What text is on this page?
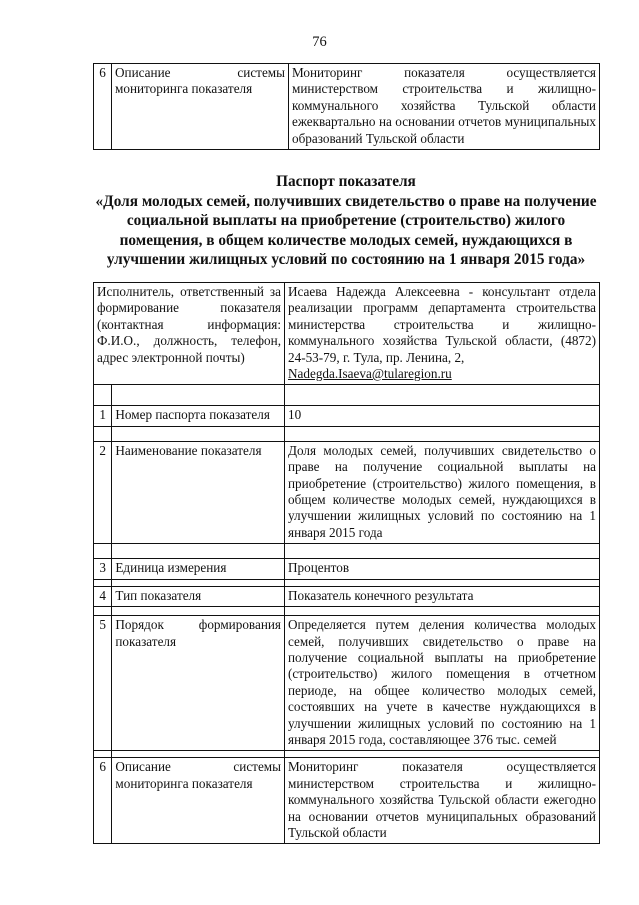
76
6	Описание системы мониторинга показателя	Мониторинг показателя осуществляется министерством строительства и жилищно-коммунального хозяйства Тульской области ежеквартально на основании отчетов муниципальных образований Тульской области
Паспорт показателя
«Доля молодых семей, получивших свидетельство о праве на получение
социальной выплаты на приобретение (строительство) жилого
помещения, в общем количестве молодых семей, нуждающихся в
улучшении жилищных условий по состоянию на 1 января 2015 года»
Исполнитель, ответственный за формирование показателя (контактная информация: Ф.И.О., должность, телефон, адрес электронной почты)		Исаева Надежда Алексеевна - консультант отдела реализации программ департамента строительства министерства строительства и жилищно-коммунального хозяйства Тульской области, (4872) 24-53-79, г. Тула, пр. Ленина, 2,
Nadegda.Isaeva@tularegion.ru

1	Номер паспорта показателя	10

2	Наименование показателя	Доля молодых семей, получивших свидетельство о праве на получение социальной выплаты на приобретение (строительство) жилого помещения, в общем количестве молодых семей, нуждающихся в улучшении жилищных условий по состоянию на 1 января 2015 года

3	Единица измерения	Процентов

4	Тип показателя	Показатель конечного результата

5	Порядок формирования показателя	Определяется путем деления количества молодых семей, получивших свидетельство о праве на получение социальной выплаты на приобретение (строительство) жилого помещения в отчетном периоде, на общее количество молодых семей, состоявших на учете в качестве нуждающихся в улучшении жилищных условий по состоянию на 1 января 2015 года, составляющее 376 тыс. семей

6	Описание системы мониторинга показателя	Мониторинг показателя осуществляется министерством строительства и жилищно-коммунального хозяйства Тульской области ежегодно на основании отчетов муниципальных образований Тульской области
